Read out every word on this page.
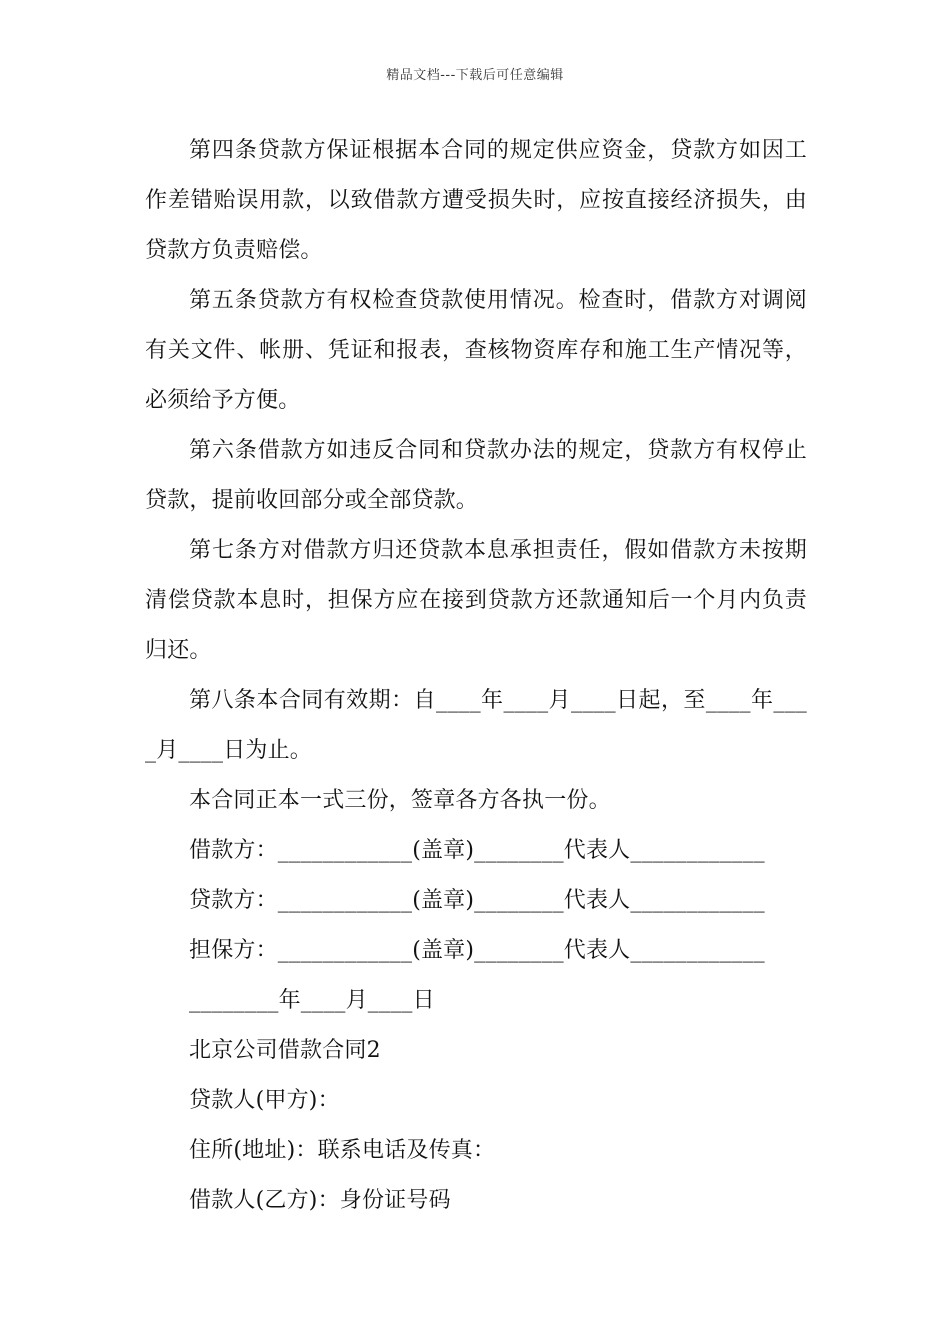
精品文档---下载后可任意编辑

第四条贷款方保证根据本合同的规定供应资金，贷款方如因工作差错贻误用款，以致借款方遭受损失时，应按直接经济损失，由贷款方负责赔偿。

第五条贷款方有权检查贷款使用情况。检查时，借款方对调阅有关文件、帐册、凭证和报表，查核物资库存和施工生产情况等，必须给予方便。

第六条借款方如违反合同和贷款办法的规定，贷款方有权停止贷款，提前收回部分或全部贷款。

第七条方对借款方归还贷款本息承担责任，假如借款方未按期清偿贷款本息时，担保方应在接到贷款方还款通知后一个月内负责归还。

第八条本合同有效期：自____年____月____日起，至____年____月____日为止。

本合同正本一式三份，签章各方各执一份。

借款方：____________(盖章)________代表人____________

贷款方：____________(盖章)________代表人____________

担保方：____________(盖章)________代表人____________

________年____月____日

北京公司借款合同2

贷款人(甲方)：

住所(地址)：联系电话及传真：

借款人(乙方)：身份证号码
